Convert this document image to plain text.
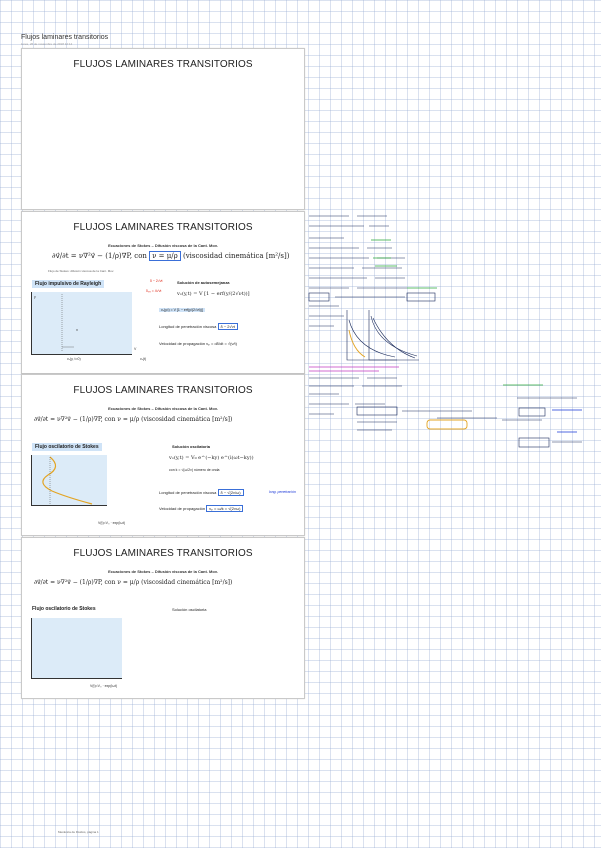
Flujos laminares transitorios
lunes, 26 de noviembre de 2018 12:14
FLUJOS LAMINARES TRANSITORIOS
FLUJOS LAMINARES TRANSITORIOS
Ecuaciones de Stokes – Difusión viscosa de la Cant. Mov.
∂v⃗/∂t = ν∇²v⃗ − (1/ρ)∇P, con ν = μ/ρ (viscosidad cinemática [m²/s])
Flujo de Stokes: difusión viscosa de la Cant. Mov.
Flujo impulsivo de Rayleigh
y
vₓ(y, t=0)
V
vₓ(t)
δ ~ 2√νt
δ₉₉ = 4√νt
Solución de autosemejanza
vₓ(y,t) = V [1 − erf(y/(2√νt))]
vₓ(y,t) = V [1 − erf(y/(2√νt))]
Longitud de penetración viscosa δ ~ 2√νt
Velocidad de propagación vₚ = dδ/dt = √(ν/t)
FLUJOS LAMINARES TRANSITORIOS
Ecuaciones de Stokes – Difusión viscosa de la Cant. Mov.
∂v⃗/∂t = ν∇²v⃗ − (1/ρ)∇P, con ν = μ/ρ (viscosidad cinemática [m²/s])
Flujo oscilatorio de Stokes
V(t)=V₀ · exp(iωt)
Solución oscilatoria
vₓ(y,t) = V₀ e^(−ky) e^(i(ωt−ky))
con k = √(ω/2ν) número de onda
Longitud de penetración viscosa δ ~ √(2ν/ω)	long. penetración
Velocidad de propagación vₚ = ω/k = √(2νω)
FLUJOS LAMINARES TRANSITORIOS
Ecuaciones de Stokes – Difusión viscosa de la Cant. Mov.
∂v⃗/∂t = ν∇²v⃗ − (1/ρ)∇P, con ν = μ/ρ (viscosidad cinemática [m²/s])
Flujo oscilatorio de Stokes	Solución oscilatoria
V(t)=V₀ · exp(iωt)
Mecánica de Fluidos, página 1
